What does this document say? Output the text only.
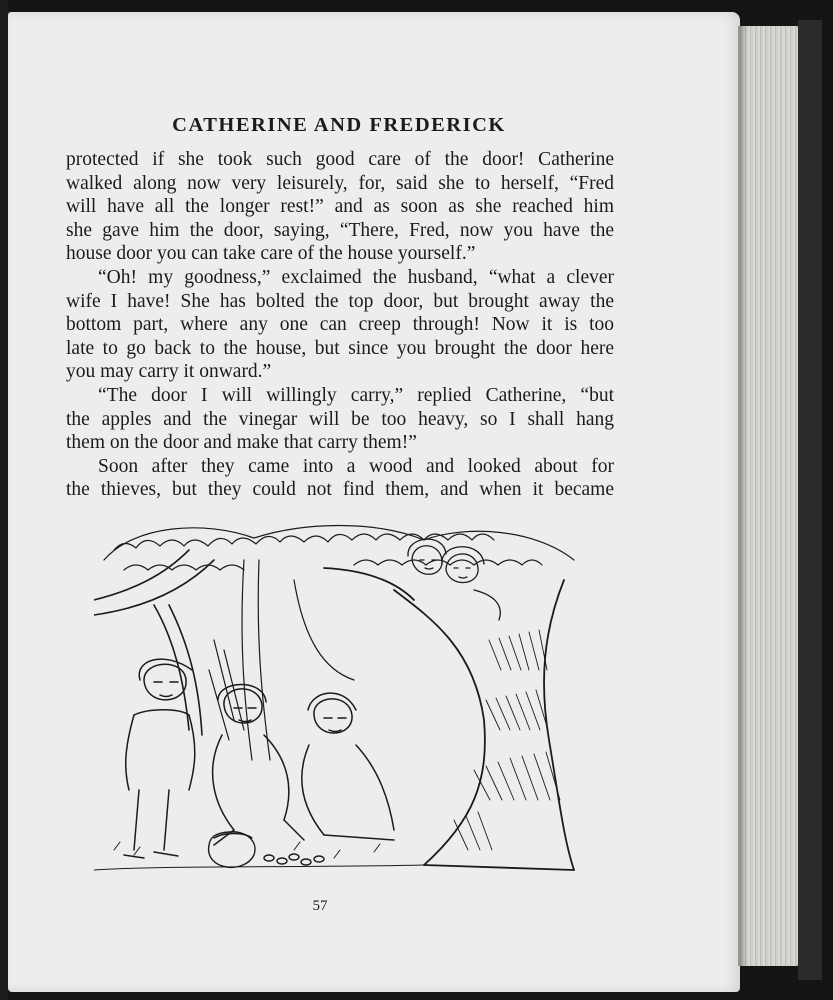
CATHERINE AND FREDERICK
protected if she took such good care of the door! Catherine
walked along now very leisurely, for, said she to herself, “Fred
will have all the longer rest!” and as soon as she reached him
she gave him the door, saying, “There, Fred, now you have the
house door you can take care of the house yourself.”
“Oh! my goodness,” exclaimed the husband, “what a clever
wife I have! She has bolted the top door, but brought away the
bottom part, where any one can creep through! Now it is too
late to go back to the house, but since you brought the door here
you may carry it onward.”
“The door I will willingly carry,” replied Catherine, “but
the apples and the vinegar will be too heavy, so I shall hang
them on the door and make that carry them!”
Soon after they came into a wood and looked about for
the thieves, but they could not find them, and when it became
57
